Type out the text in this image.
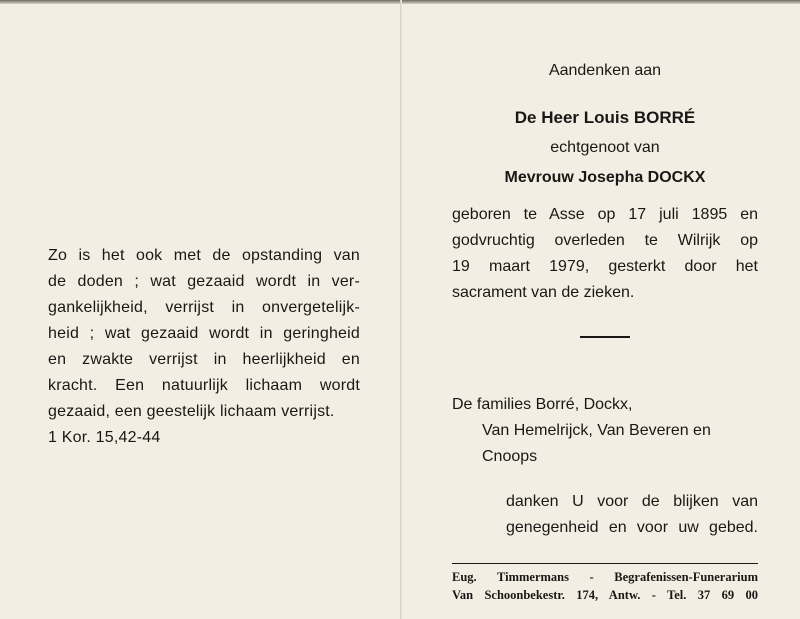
Zo is het ook met de opstanding van
de doden ; wat gezaaid wordt in ver-
gankelijkheid, verrijst in onvergetelijk-
heid ; wat gezaaid wordt in geringheid
en zwakte verrijst in heerlijkheid en
kracht. Een natuurlijk lichaam wordt
gezaaid, een geestelijk lichaam verrijst.
1 Kor. 15,42-44
Aandenken aan
De Heer Louis BORRÉ
echtgenoot van
Mevrouw Josepha DOCKX
geboren te Asse op 17 juli 1895 en
godvruchtig overleden te Wilrijk op
19 maart 1979, gesterkt door het
sacrament van de zieken.
De families Borré, Dockx,
Van Hemelrijck, Van Beveren en
Cnoops
danken U voor de blijken van
genegenheid en voor uw gebed.
Eug. Timmermans - Begrafenissen-Funerarium
Van Schoonbekestr. 174, Antw. - Tel. 37 69 00
